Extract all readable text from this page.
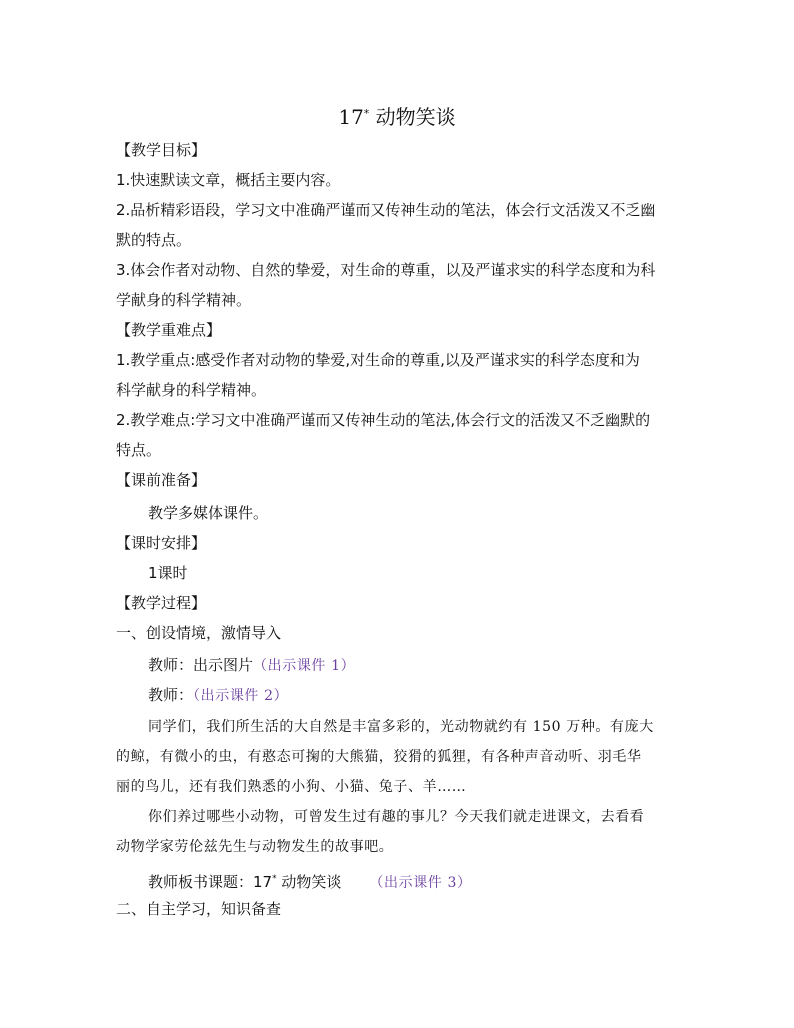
17* 动物笑谈
【教学目标】
1.快速默读文章，概括主要内容。
2.品析精彩语段，学习文中准确严谨而又传神生动的笔法，体会行文活泼又不乏幽
默的特点。
3.体会作者对动物、自然的挚爱，对生命的尊重，以及严谨求实的科学态度和为科
学献身的科学精神。
【教学重难点】
1.教学重点:感受作者对动物的挚爱,对生命的尊重,以及严谨求实的科学态度和为
科学献身的科学精神。
2.教学难点:学习文中准确严谨而又传神生动的笔法,体会行文的活泼又不乏幽默的
特点。
【课前准备】
教学多媒体课件。
【课时安排】
1课时
【教学过程】
一、创设情境，激情导入
教师：出示图片（出示课件 1）
教师：（出示课件 2）
同学们，我们所生活的大自然是丰富多彩的，光动物就约有 150 万种。有庞大
的鲸，有微小的虫，有憨态可掬的大熊猫，狡猾的狐狸，有各种声音动听、羽毛华
丽的鸟儿，还有我们熟悉的小狗、小猫、兔子、羊……
你们养过哪些小动物，可曾发生过有趣的事儿？今天我们就走进课文，去看看
动物学家劳伦兹先生与动物发生的故事吧。
教师板书课题：17* 动物笑谈 （出示课件 3）
二、自主学习，知识备查
